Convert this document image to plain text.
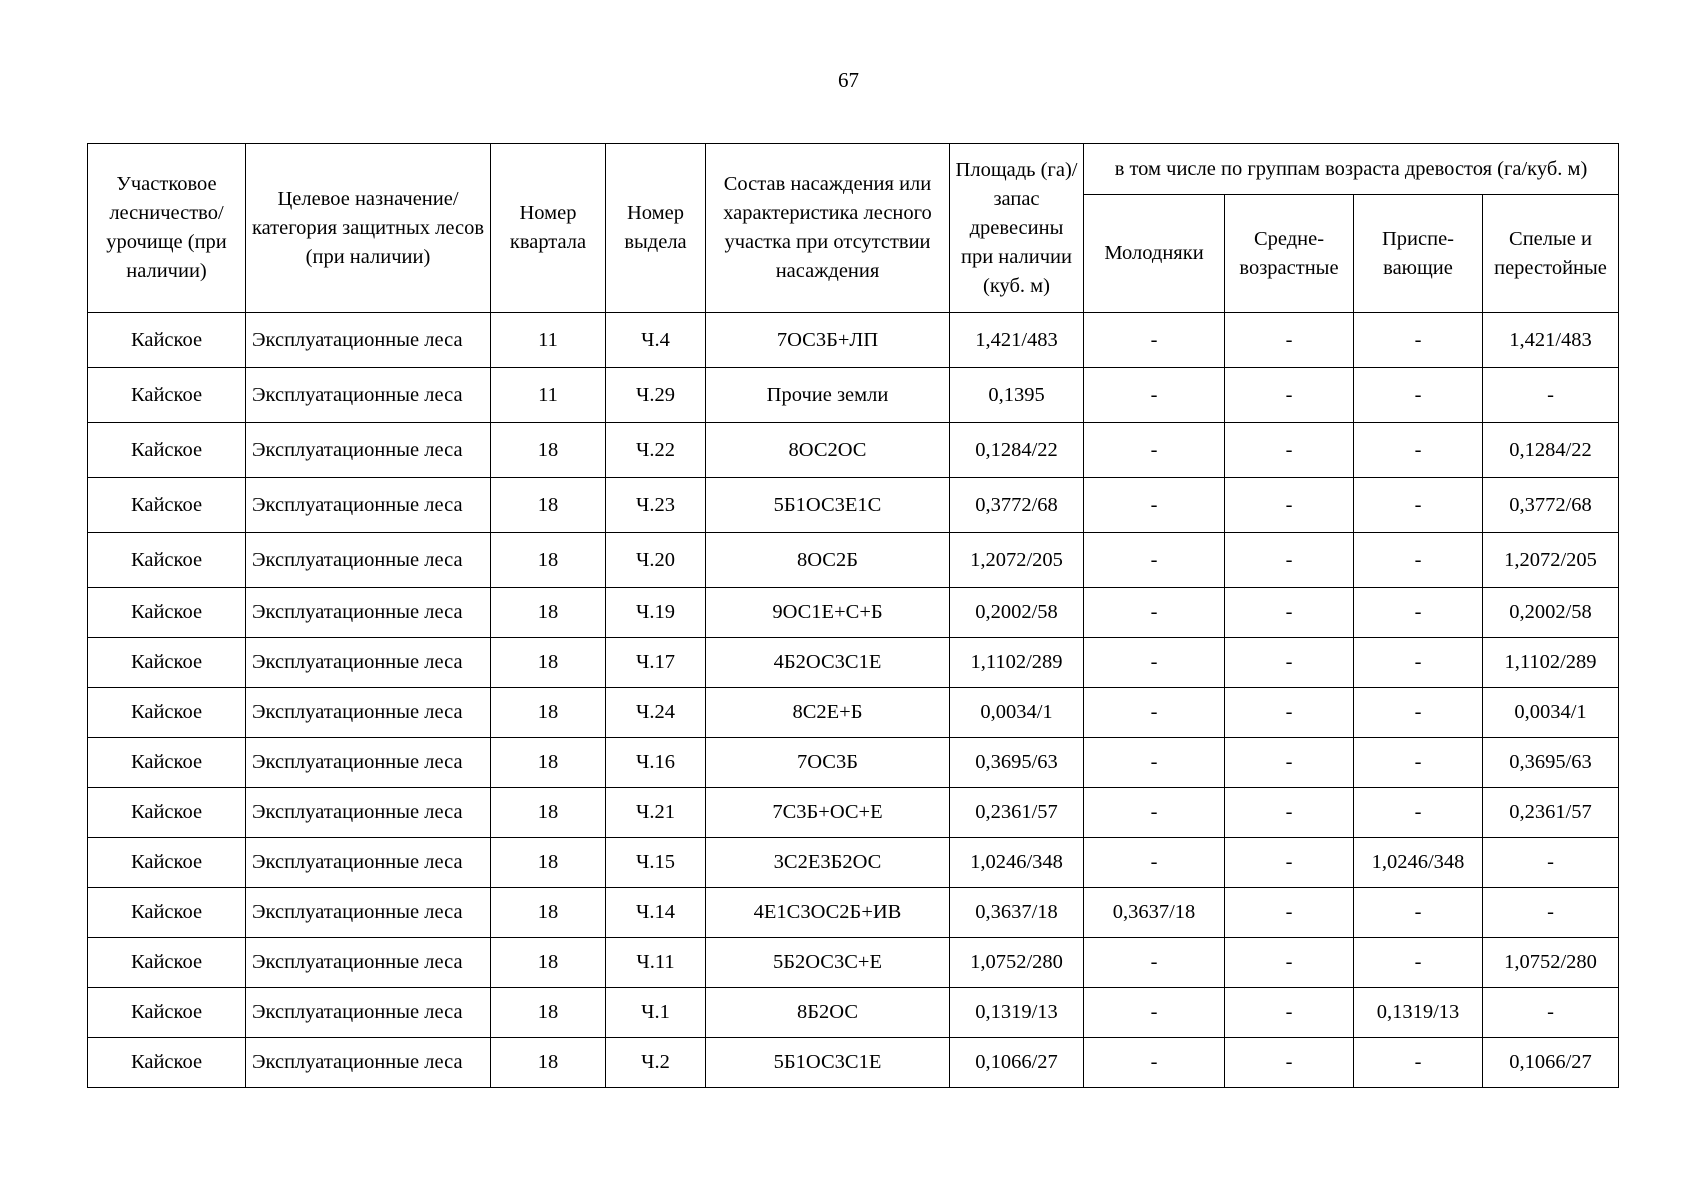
67
Участковое лесничество/ урочище (при наличии)	Целевое назначение/ категория защитных лесов (при наличии)	Номер квартала	Номер выдела	Состав насаждения или характеристика лесного участка при отсутствии насаждения	Площадь (га)/ запас древесины при наличии (куб. м)	в том числе по группам возраста древостоя (га/куб. м)			
						Молодняки	Средне-возрастные	Приспе-вающие	Спелые и перестойные
Кайское	Эксплуатационные леса	11	Ч.4	7ОС3Б+ЛП	1,421/483	-	-	-	1,421/483
Кайское	Эксплуатационные леса	11	Ч.29	Прочие земли	0,1395	-	-	-	-
Кайское	Эксплуатационные леса	18	Ч.22	8ОС2ОС	0,1284/22	-	-	-	0,1284/22
Кайское	Эксплуатационные леса	18	Ч.23	5Б1ОС3Е1С	0,3772/68	-	-	-	0,3772/68
Кайское	Эксплуатационные леса	18	Ч.20	8ОС2Б	1,2072/205	-	-	-	1,2072/205
Кайское	Эксплуатационные леса	18	Ч.19	9ОС1Е+С+Б	0,2002/58	-	-	-	0,2002/58
Кайское	Эксплуатационные леса	18	Ч.17	4Б2ОС3С1Е	1,1102/289	-	-	-	1,1102/289
Кайское	Эксплуатационные леса	18	Ч.24	8С2Е+Б	0,0034/1	-	-	-	0,0034/1
Кайское	Эксплуатационные леса	18	Ч.16	7ОС3Б	0,3695/63	-	-	-	0,3695/63
Кайское	Эксплуатационные леса	18	Ч.21	7С3Б+ОС+Е	0,2361/57	-	-	-	0,2361/57
Кайское	Эксплуатационные леса	18	Ч.15	3С2Е3Б2ОС	1,0246/348	-	-	1,0246/348	-
Кайское	Эксплуатационные леса	18	Ч.14	4Е1С3ОС2Б+ИВ	0,3637/18	0,3637/18	-	-	-
Кайское	Эксплуатационные леса	18	Ч.11	5Б2ОС3С+Е	1,0752/280	-	-	-	1,0752/280
Кайское	Эксплуатационные леса	18	Ч.1	8Б2ОС	0,1319/13	-	-	0,1319/13	-
Кайское	Эксплуатационные леса	18	Ч.2	5Б1ОС3С1Е	0,1066/27	-	-	-	0,1066/27
